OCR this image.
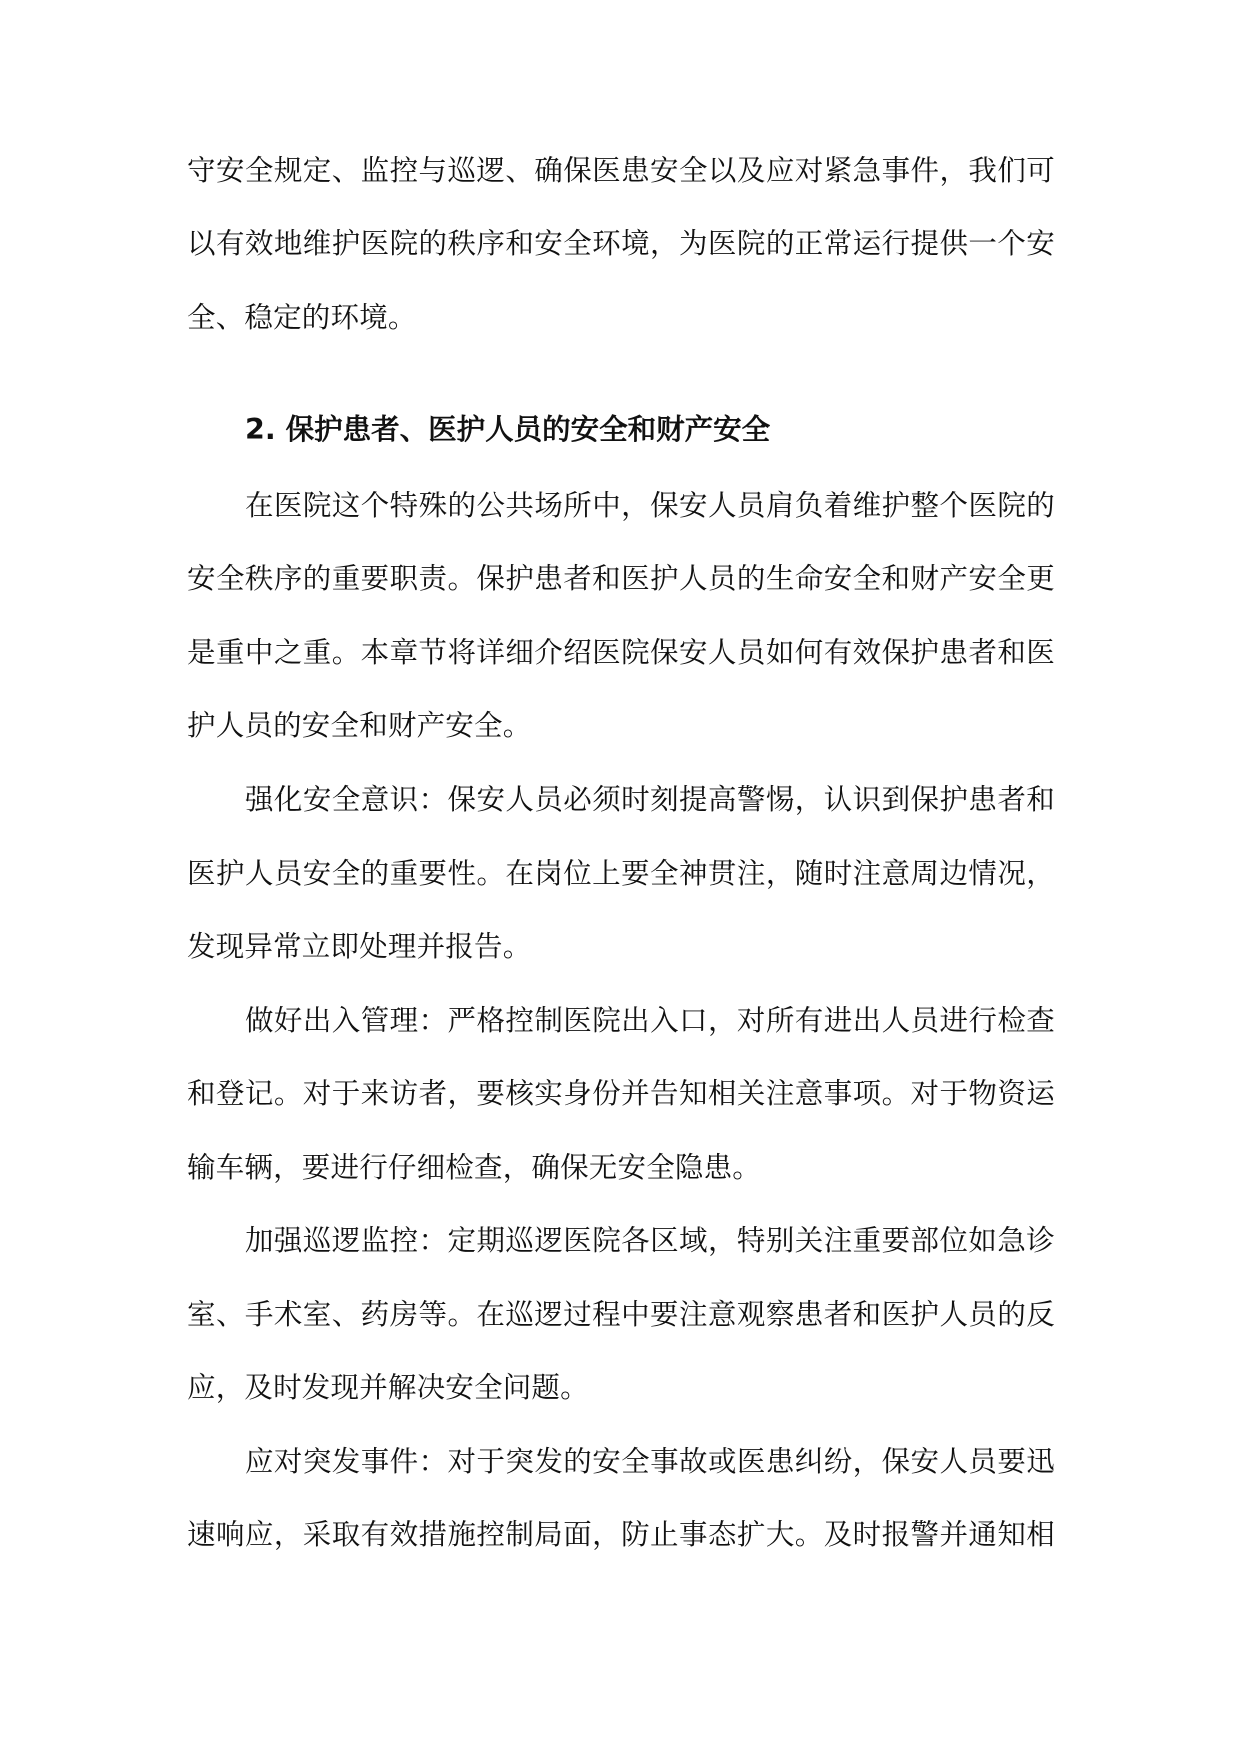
守安全规定、监控与巡逻、确保医患安全以及应对紧急事件，我们可
以有效地维护医院的秩序和安全环境，为医院的正常运行提供一个安
全、稳定的环境。
2. 保护患者、医护人员的安全和财产安全
在医院这个特殊的公共场所中，保安人员肩负着维护整个医院的
安全秩序的重要职责。保护患者和医护人员的生命安全和财产安全更
是重中之重。本章节将详细介绍医院保安人员如何有效保护患者和医
护人员的安全和财产安全。
强化安全意识：保安人员必须时刻提高警惕，认识到保护患者和
医护人员安全的重要性。在岗位上要全神贯注，随时注意周边情况，
发现异常立即处理并报告。
做好出入管理：严格控制医院出入口，对所有进出人员进行检查
和登记。对于来访者，要核实身份并告知相关注意事项。对于物资运
输车辆，要进行仔细检查，确保无安全隐患。
加强巡逻监控：定期巡逻医院各区域，特别关注重要部位如急诊
室、手术室、药房等。在巡逻过程中要注意观察患者和医护人员的反
应，及时发现并解决安全问题。
应对突发事件：对于突发的安全事故或医患纠纷，保安人员要迅
速响应，采取有效措施控制局面，防止事态扩大。及时报警并通知相
